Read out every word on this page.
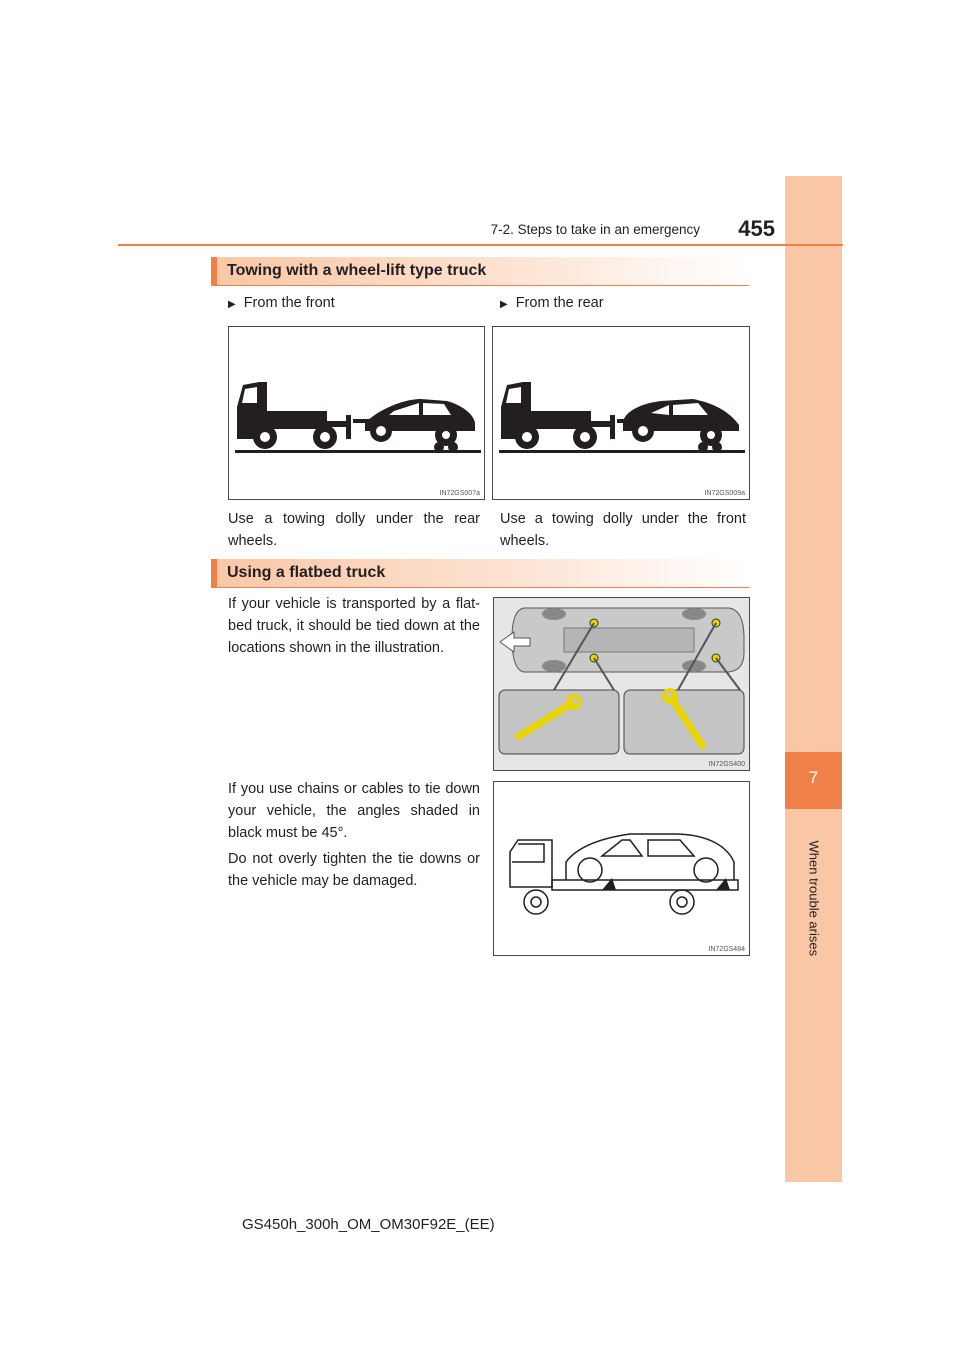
7
When trouble arises
7-2. Steps to take in an emergency	455
Towing with a wheel-lift type truck
▶ From the front	▶ From the rear
IN72GS007a	IN72GS009a
Use a towing dolly under the rear wheels.
Use a towing dolly under the front wheels.
Using a flatbed truck
If your vehicle is transported by a flat-bed truck, it should be tied down at the locations shown in the illustration.
IN72GS400
If you use chains or cables to tie down your vehicle, the angles shaded in black must be 45°.
Do not overly tighten the tie downs or the vehicle may be damaged.
IN72GS484
GS450h_300h_OM_OM30F92E_(EE)
